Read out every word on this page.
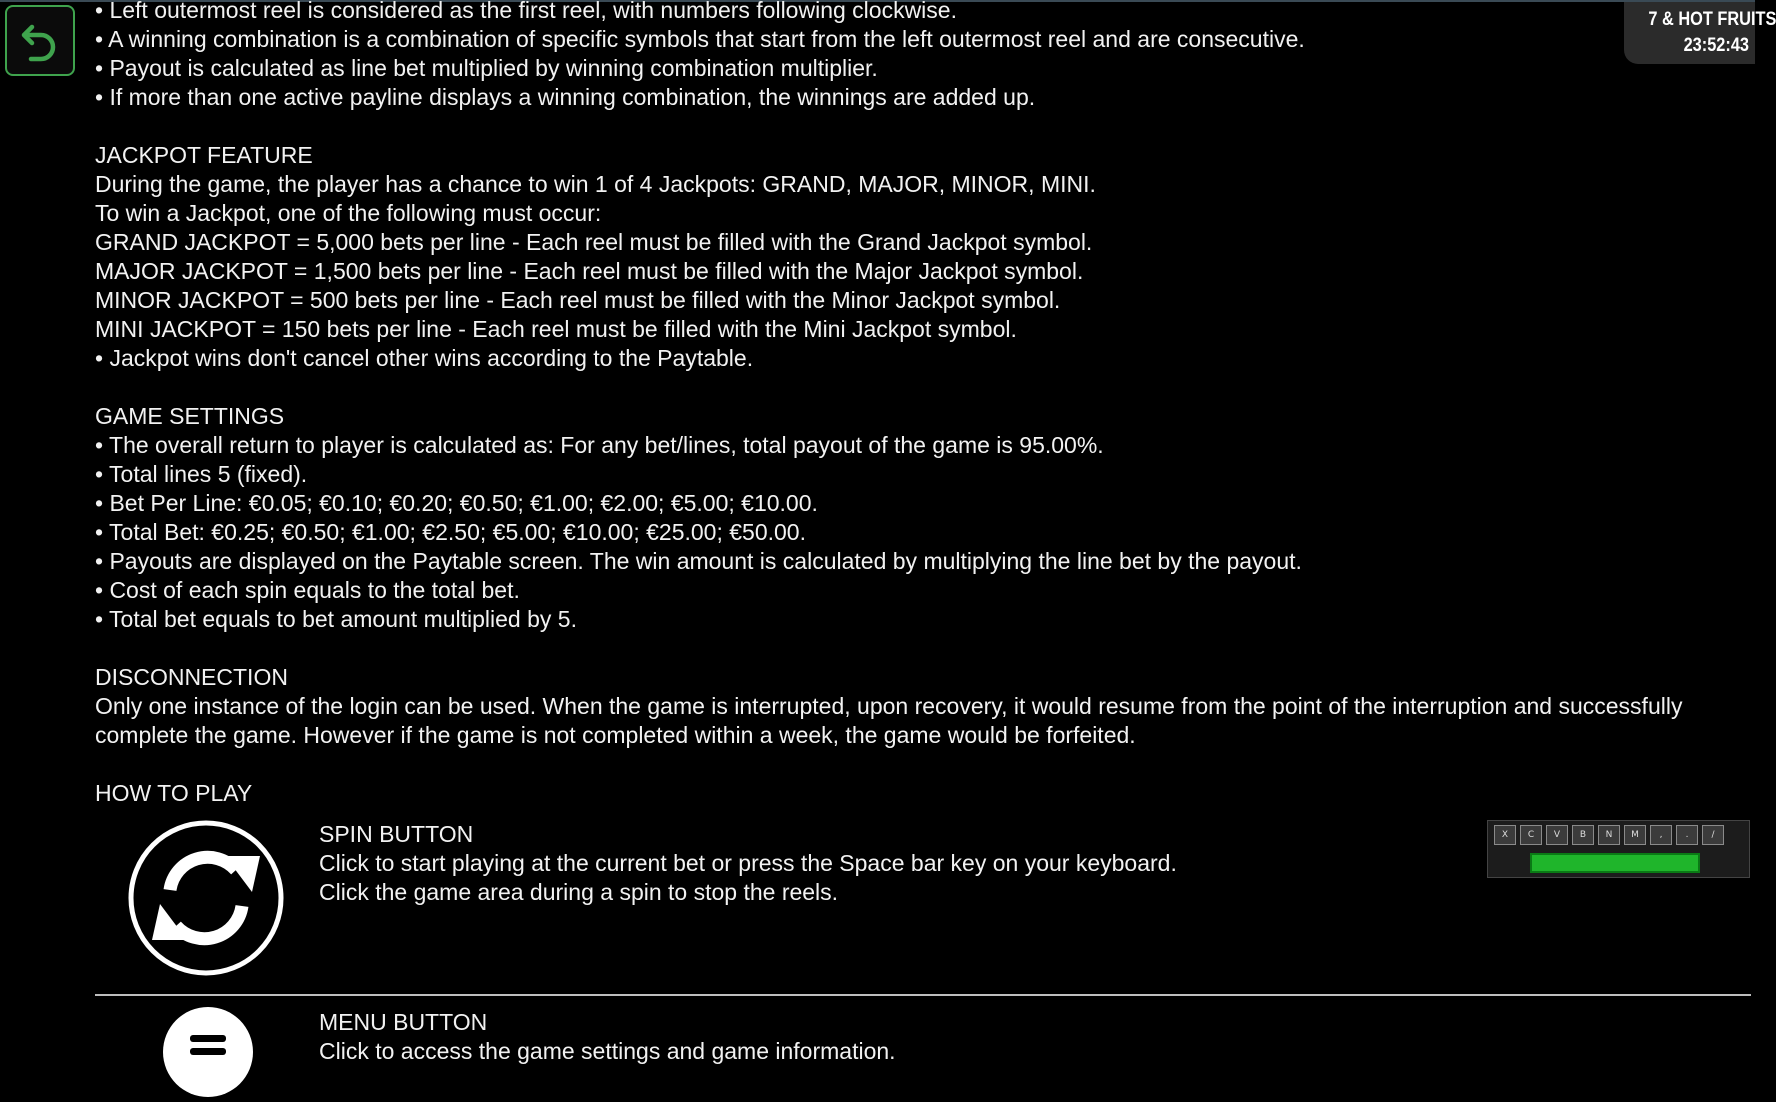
7 & HOT FRUITS
23:52:43

• Left outermost reel is considered as the first reel, with numbers following clockwise.

• A winning combination is a combination of specific symbols that start from the left outermost reel and are consecutive.

• Payout is calculated as line bet multiplied by winning combination multiplier.

• If more than one active payline displays a winning combination, the winnings are added up.

JACKPOT FEATURE

During the game, the player has a chance to win 1 of 4 Jackpots: GRAND, MAJOR, MINOR, MINI.

To win a Jackpot, one of the following must occur:

GRAND JACKPOT = 5,000 bets per line - Each reel must be filled with the Grand Jackpot symbol.

MAJOR JACKPOT = 1,500 bets per line - Each reel must be filled with the Major Jackpot symbol.

MINOR JACKPOT = 500 bets per line - Each reel must be filled with the Minor Jackpot symbol.

MINI JACKPOT = 150 bets per line - Each reel must be filled with the Mini Jackpot symbol.

• Jackpot wins don't cancel other wins according to the Paytable.

GAME SETTINGS

• The overall return to player is calculated as: For any bet/lines, total payout of the game is 95.00%.

• Total lines 5 (fixed).

• Bet Per Line: €0.05; €0.10; €0.20; €0.50; €1.00; €2.00; €5.00; €10.00.

• Total Bet: €0.25; €0.50; €1.00; €2.50; €5.00; €10.00; €25.00; €50.00.

• Payouts are displayed on the Paytable screen. The win amount is calculated by multiplying the line bet by the payout.

• Cost of each spin equals to the total bet.

• Total bet equals to bet amount multiplied by 5.

DISCONNECTION

Only one instance of the login can be used. When the game is interrupted, upon recovery, it would resume from the point of the interruption and successfully complete the game. However if the game is not completed within a week, the game would be forfeited.

HOW TO PLAY

SPIN BUTTON

Click to start playing at the current bet or press the Space bar key on your keyboard.

Click the game area during a spin to stop the reels.

X	C	V	B	N	M	,	.	/

MENU BUTTON

Click to access the game settings and game information.
